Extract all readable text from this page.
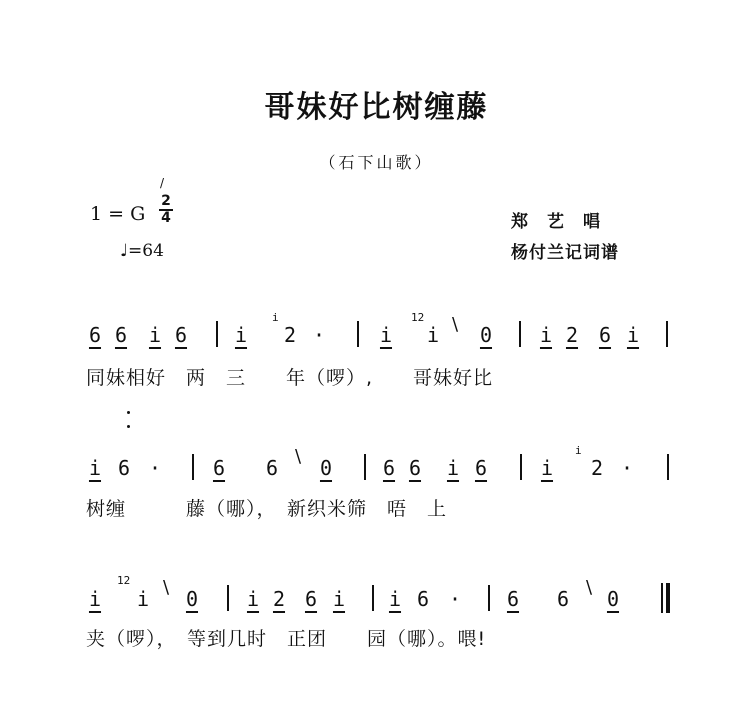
哥妹好比树缠藤
（石下山歌）
1 = G
2
4
/
♩=64
郑　艺　唱
杨付兰记词谱
6 6 i 6 i
i
2 ·	i
12
i \ 0 i 2 6 i
同妹相好　两　三　　年（啰）,　　哥妹好比
i 6 ·	6 6 \ 0	6 6 i 6	i
i
2 ·
树缠　　　藤（哪），　新织米筛　唔　上
12
i i \ 0 i 2 6 i i 6 · 6 6 \ 0
夹（啰），　等到几时　正团　　园（哪）。喂!
